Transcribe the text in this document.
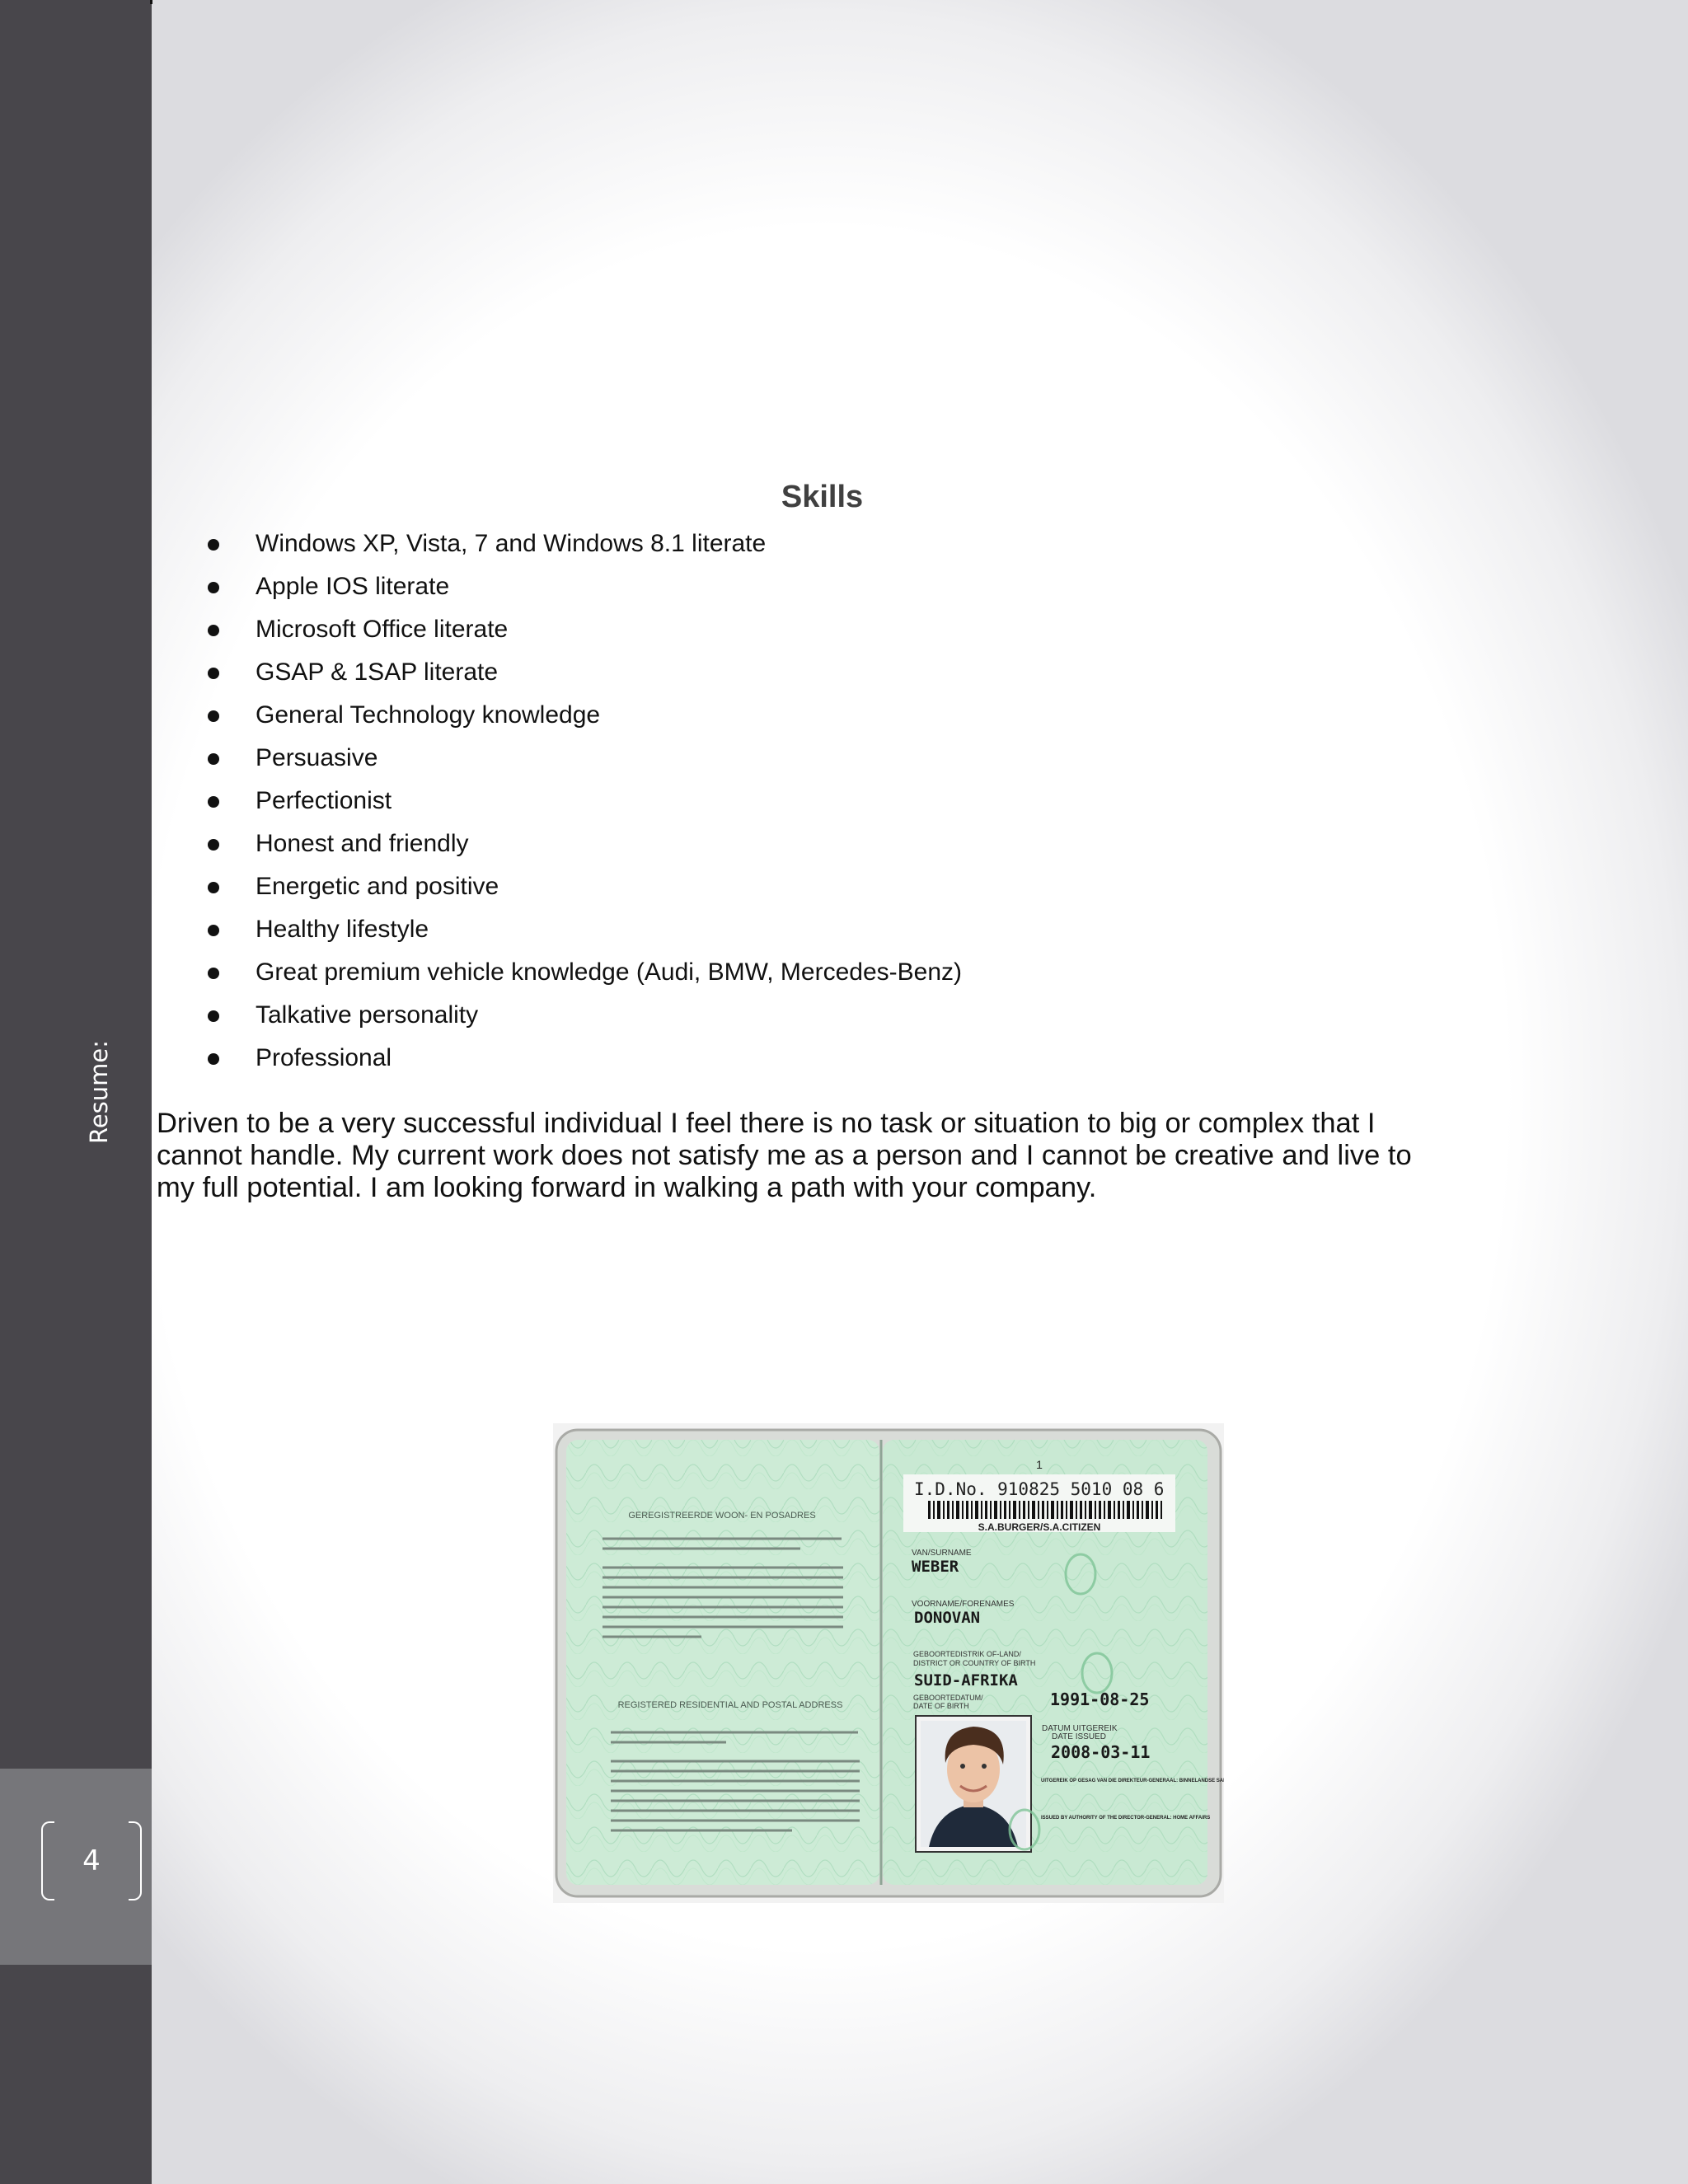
Resume:
4
Skills
Windows XP, Vista, 7 and Windows 8.1 literate
Apple IOS literate
Microsoft Office literate
GSAP & 1SAP literate
General Technology knowledge
Persuasive
Perfectionist
Honest and friendly
Energetic and positive
Healthy lifestyle
Great premium vehicle knowledge (Audi, BMW, Mercedes-Benz)
Talkative personality
Professional

Driven to be a very successful individual I feel there is no task or situation to big or complex that I cannot handle. My current work does not satisfy me as a person and I cannot be creative and live to my full potential. I am looking forward in walking a path with your company.

GEREGISTREERDE WOON- EN POSADRES
REGISTERED RESIDENTIAL AND POSTAL ADDRESS
1
I.D.No. 910825 5010 08 6
S.A.BURGER/S.A.CITIZEN
VAN/SURNAME
WEBER
VOORNAME/FORENAMES
DONOVAN
GEBOORTEDISTRIK OF-LAND/
DISTRICT OR COUNTRY OF BIRTH
SUID-AFRIKA
GEBOORTEDATUM/
DATE OF BIRTH	1991-08-25
DATUM UITGEREIK
DATE ISSUED
2008-03-11
UITGEREIK OP GESAG VAN DIE DIREKTEUR-GENERAAL: BINNELANDSE SAKE
ISSUED BY AUTHORITY OF THE DIRECTOR-GENERAL: HOME AFFAIRS
